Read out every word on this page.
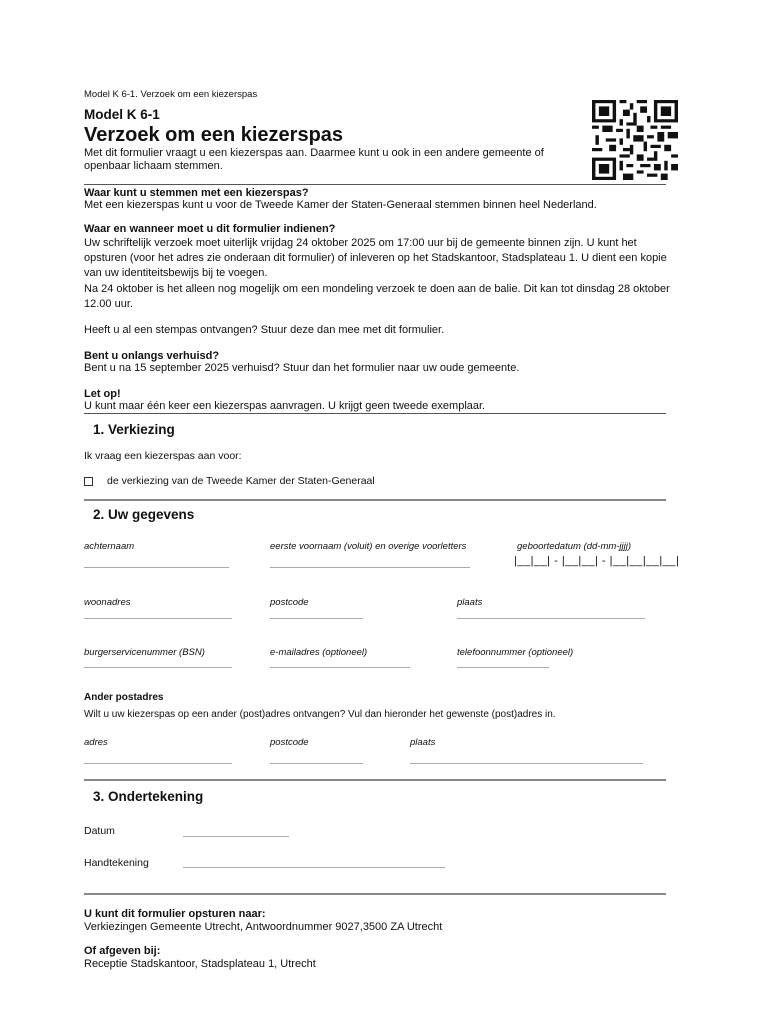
Model K 6-1. Verzoek om een kiezerspas
Model K 6-1
Verzoek om een kiezerspas
Met dit formulier vraagt u een kiezerspas aan. Daarmee kunt u ook in een andere gemeente of openbaar lichaam stemmen.
Waar kunt u stemmen met een kiezerspas?
Met een kiezerspas kunt u voor de Tweede Kamer der Staten-Generaal stemmen binnen heel Nederland.
Waar en wanneer moet u dit formulier indienen?
Uw schriftelijk verzoek moet uiterlijk vrijdag 24 oktober 2025 om 17:00 uur bij de gemeente binnen zijn. U kunt het opsturen (voor het adres zie onderaan dit formulier) of inleveren op het Stadskantoor, Stadsplateau 1. U dient een kopie van uw identiteitsbewijs bij te voegen.
Na 24 oktober is het alleen nog mogelijk om een mondeling verzoek te doen aan de balie. Dit kan tot dinsdag 28 oktober 12.00 uur.
Heeft u al een stempas ontvangen? Stuur deze dan mee met dit formulier.
Bent u onlangs verhuisd?
Bent u na 15 september 2025 verhuisd? Stuur dan het formulier naar uw oude gemeente.
Let op!
U kunt maar één keer een kiezerspas aanvragen. U krijgt geen tweede exemplaar.
1. Verkiezing
Ik vraag een kiezerspas aan voor:
de verkiezing van de Tweede Kamer der Staten-Generaal
2. Uw gegevens
achternaam	eerste voornaam (voluit) en overige voorletters	geboortedatum (dd-mm-jjjj)
|__|__| - |__|__| - |__|__|__|__|
woonadres	postcode	plaats
burgerservicenummer (BSN)	e-mailadres (optioneel)	telefoonnummer (optioneel)
Ander postadres
Wilt u uw kiezerspas op een ander (post)adres ontvangen? Vul dan hieronder het gewenste (post)adres in.
adres	postcode	plaats
3. Ondertekening
Datum
Handtekening
U kunt dit formulier opsturen naar:
Verkiezingen Gemeente Utrecht, Antwoordnummer 9027,3500 ZA Utrecht
Of afgeven bij:
Receptie Stadskantoor, Stadsplateau 1, Utrecht
